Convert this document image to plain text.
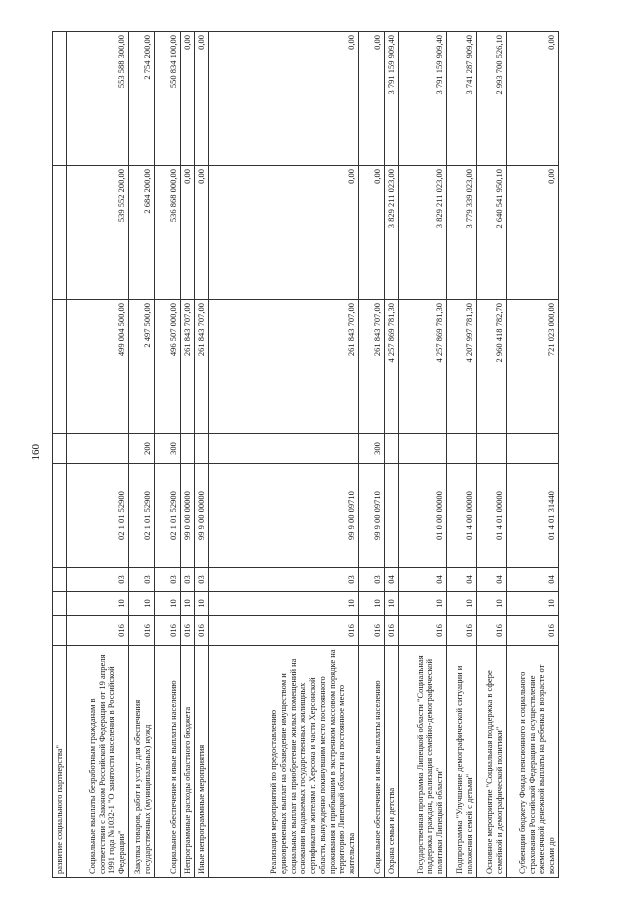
160
развитие социального партнерства"								
Социальные выплаты безработным гражданам в соответствии с Законом Российской Федерации от 19 апреля 1991 года №1032-1 "О занятости населения в Российской Федерации"	016	10	03	02 1 01 52900		499 004 500,00	539 552 200,00	553 588 300,00
Закупка товаров, работ и услуг для обеспечения государственных (муниципальных) нужд	016	10	03	02 1 01 52900	200	2 497 500,00	2 684 200,00	2 754 200,00
Социальное обеспечение и иные выплаты населению	016	10	03	02 1 01 52900	300	496 507 000,00	536 868 000,00	550 834 100,00
Непрограммные расходы областного бюджета	016	10	03	99 0 00 00000		261 843 707,00	0,00	0,00
Иные непрограммные мероприятия	016	10	03	99 9 00 00000		261 843 707,00	0,00	0,00
Реализация мероприятий по предоставлению единовременных выплат на обзаведение имуществом и социальных выплат на приобретение жилых помещений на основании выдаваемых государственных жилищных сертификатов жителям г. Херсона и части Херсонской области, вынужденно покинувшим место постоянного проживания и прибывшим в экстренном массовом порядке на территорию Липецкой области на постоянное место жительства	016	10	03	99 9 00 09710		261 843 707,00	0,00	0,00
Социальное обеспечение и иные выплаты населению	016	10	03	99 9 00 09710	300	261 843 707,00	0,00	0,00
Охрана семьи и детства	016	10	04			4 257 869 781,30	3 829 211 023,00	3 791 159 909,40
Государственная программа Липецкой области "Социальная поддержка граждан, реализация семейно-демографической политики Липецкой области"	016	10	04	01 0 00 00000		4 257 869 781,30	3 829 211 023,00	3 791 159 909,40
Подпрограмма "Улучшение демографической ситуации и положения семей с детьми"	016	10	04	01 4 00 00000		4 207 997 781,30	3 779 339 023,00	3 741 287 909,40
Основное мероприятие "Социальная поддержка в сфере семейной и демографической политики"	016	10	04	01 4 01 00000		2 960 418 782,70	2 640 541 950,10	2 993 700 526,10
Субвенции бюджету Фонда пенсионного и социального страхования Российской Федерации на осуществление ежемесячной денежной выплаты на ребенка в возрасте от восьми до	016	10	04	01 4 01 31440		721 023 000,00	0,00	0,00
